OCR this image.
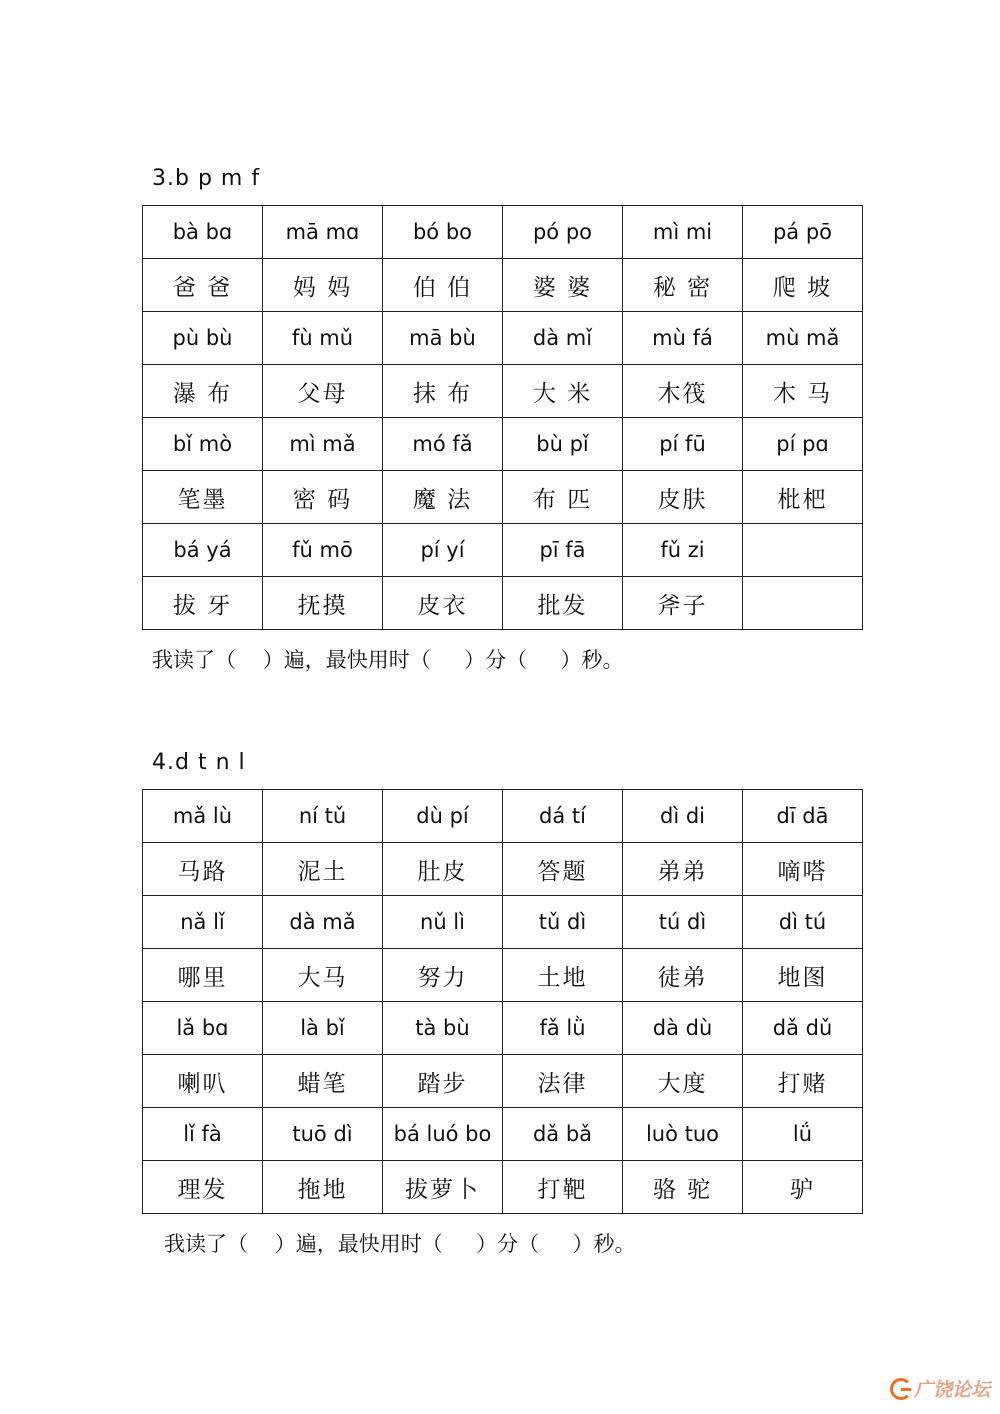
3.b p m f
bà bɑ	mā mɑ	bó bo	pó po	mì mi	pá pō
爸 爸	妈 妈	伯 伯	婆 婆	秘 密	爬 坡
pù bù	fù mǔ	mā bù	dà mǐ	mù fá	mù mǎ
瀑 布	父母	抹 布	大 米	木筏	木 马
bǐ mò	mì mǎ	mó fǎ	bù pǐ	pí fū	pí pɑ
笔墨	密 码	魔 法	布 匹	皮肤	枇杷
bá yá	fǔ mō	pí yí	pī fā	fǔ zi	
拔 牙	抚摸	皮衣	批发	斧子	
我读了（    ）遍，最快用时（     ）分（     ）秒。
4.d t n l
mǎ lù	ní tǔ	dù pí	dá tí	dì di	dī dā
马路	泥土	肚皮	答题	弟弟	嘀嗒
nǎ lǐ	dà mǎ	nǔ lì	tǔ dì	tú dì	dì tú
哪里	大马	努力	土地	徒弟	地图
lǎ bɑ	là bǐ	tà bù	fǎ lǜ	dà dù	dǎ dǔ
喇叭	蜡笔	踏步	法律	大度	打赌
lǐ fà	tuō dì	bá luó bo	dǎ bǎ	luò tuo	lǘ
理发	拖地	拔萝卜	打靶	骆 驼	驴
我读了（    ）遍，最快用时（     ）分（     ）秒。
广饶论坛
